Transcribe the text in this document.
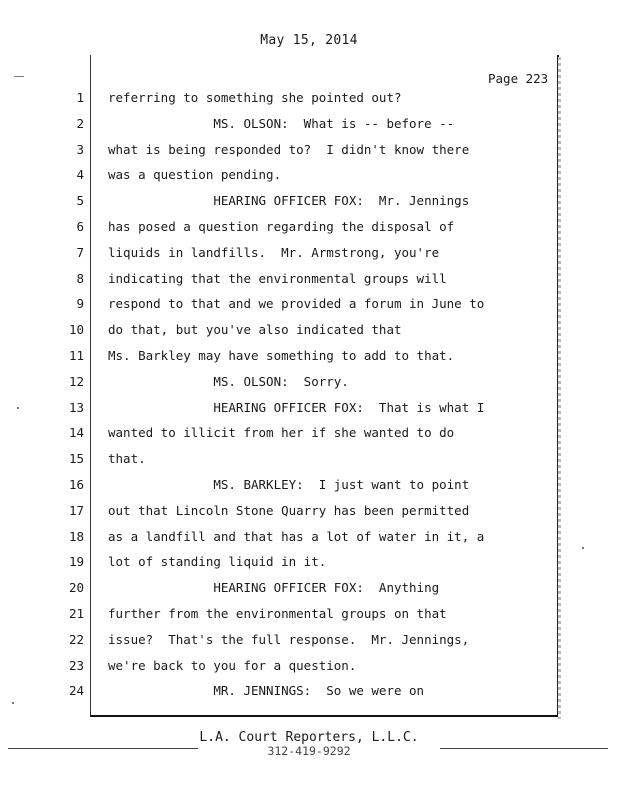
May 15, 2014
Page 223
1 referring to something she pointed out?
2 MS. OLSON:  What is -- before --
3 what is being responded to?  I didn't know there
4 was a question pending.
5 HEARING OFFICER FOX:  Mr. Jennings
6 has posed a question regarding the disposal of
7 liquids in landfills.  Mr. Armstrong, you're
8 indicating that the environmental groups will
9 respond to that and we provided a forum in June to
10 do that, but you've also indicated that
11 Ms. Barkley may have something to add to that.
12 MS. OLSON:  Sorry.
13 HEARING OFFICER FOX:  That is what I
14 wanted to illicit from her if she wanted to do
15 that.
16 MS. BARKLEY:  I just want to point
17 out that Lincoln Stone Quarry has been permitted
18 as a landfill and that has a lot of water in it, a
19 lot of standing liquid in it.
20 HEARING OFFICER FOX:  Anything
21 further from the environmental groups on that
22 issue?  That's the full response.  Mr. Jennings,
23 we're back to you for a question.
24 MR. JENNINGS:  So we were on
L.A. Court Reporters, L.L.C.
312-419-9292
